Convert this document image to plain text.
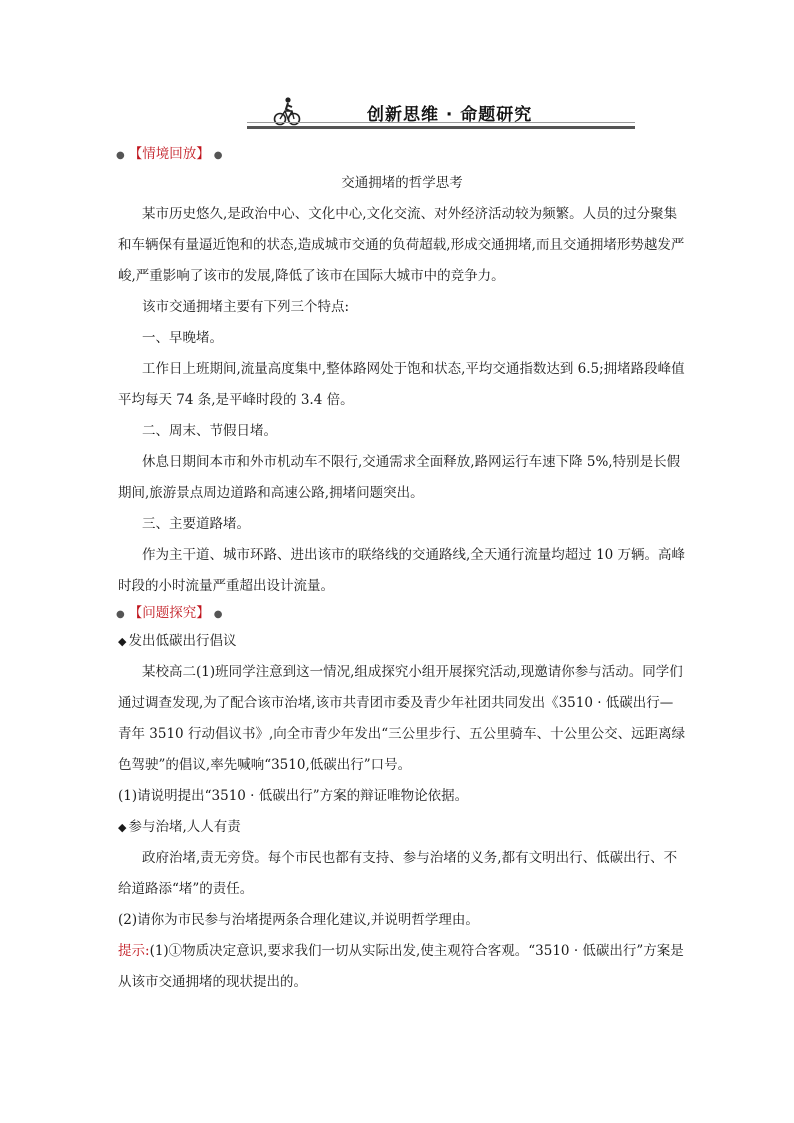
创新思维 · 命题研究
● 【情境回放】 ●
交通拥堵的哲学思考

某市历史悠久,是政治中心、文化中心,文化交流、对外经济活动较为频繁。人员的过分聚集和车辆保有量逼近饱和的状态,造成城市交通的负荷超载,形成交通拥堵,而且交通拥堵形势越发严峻,严重影响了该市的发展,降低了该市在国际大城市中的竞争力。

该市交通拥堵主要有下列三个特点:

一、早晚堵。

工作日上班期间,流量高度集中,整体路网处于饱和状态,平均交通指数达到 6.5;拥堵路段峰值平均每天 74 条,是平峰时段的 3.4 倍。

二、周末、节假日堵。

休息日期间本市和外市机动车不限行,交通需求全面释放,路网运行车速下降 5%,特别是长假期间,旅游景点周边道路和高速公路,拥堵问题突出。

三、主要道路堵。

作为主干道、城市环路、进出该市的联络线的交通路线,全天通行流量均超过 10 万辆。高峰时段的小时流量严重超出设计流量。

● 【问题探究】 ●

◆ 发出低碳出行倡议

某校高二(1)班同学注意到这一情况,组成探究小组开展探究活动,现邀请你参与活动。同学们通过调查发现,为了配合该市治堵,该市共青团市委及青少年社团共同发出《3510 · 低碳出行—青年 3510 行动倡议书》,向全市青少年发出“三公里步行、五公里骑车、十公里公交、远距离绿色驾驶”的倡议,率先喊响“3510,低碳出行”口号。

(1)请说明提出“3510 · 低碳出行”方案的辩证唯物论依据。

◆ 参与治堵,人人有责

政府治堵,责无旁贷。每个市民也都有支持、参与治堵的义务,都有文明出行、低碳出行、不给道路添“堵”的责任。

(2)请你为市民参与治堵提两条合理化建议,并说明哲学理由。

提示:(1)①物质决定意识,要求我们一切从实际出发,使主观符合客观。“3510 · 低碳出行”方案是从该市交通拥堵的现状提出的。
